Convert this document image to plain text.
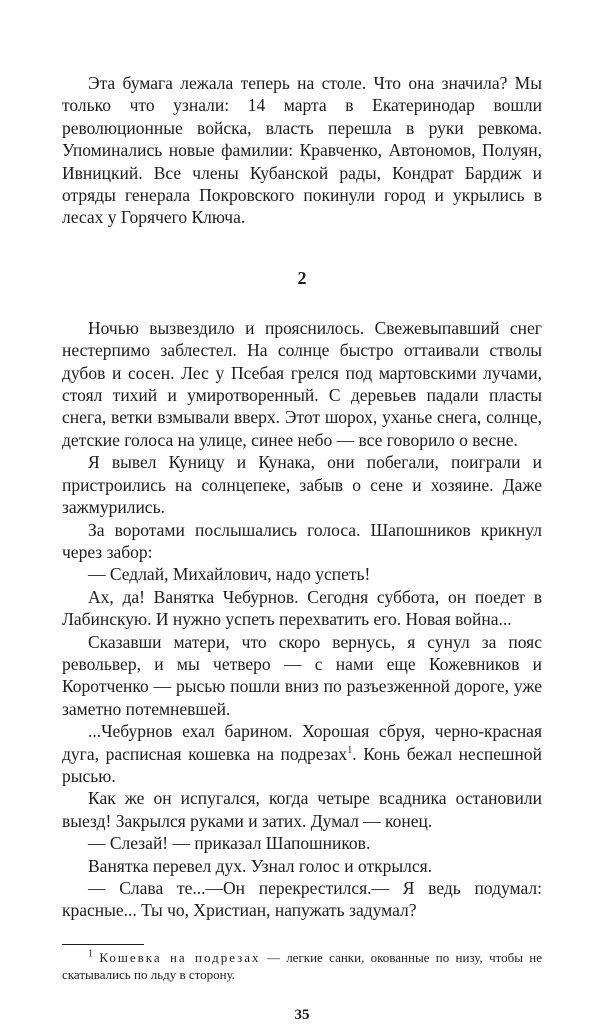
Эта бумага лежала теперь на столе. Что она значила? Мы только что узнали: 14 марта в Екатеринодар вошли революционные войска, власть перешла в руки ревкома. Упоминались новые фамилии: Кравченко, Автономов, Полуян, Ивницкий. Все члены Кубанской рады, Кондрат Бардиж и отряды генерала Покровского покинули город и укрылись в лесах у Горячего Ключа.

2

Ночью вызвездило и прояснилось. Свежевыпавший снег нестерпимо заблестел. На солнце быстро оттаивали стволы дубов и сосен. Лес у Псебая грелся под мартовскими лучами, стоял тихий и умиротворенный. С деревьев падали пласты снега, ветки взмывали вверх. Этот шорох, уханье снега, солнце, детские голоса на улице, синее небо — все говорило о весне.

Я вывел Куницу и Кунака, они побегали, поиграли и пристроились на солнцепеке, забыв о сене и хозяине. Даже зажмурились.

За воротами послышались голоса. Шапошников крикнул через забор:

— Седлай, Михайлович, надо успеть!

Ах, да! Ванятка Чебурнов. Сегодня суббота, он поедет в Лабинскую. И нужно успеть перехватить его. Новая война...

Сказавши матери, что скоро вернусь, я сунул за пояс револьвер, и мы четверо — с нами еще Кожевников и Коротченко — рысью пошли вниз по разъезженной дороге, уже заметно потемневшей.

...Чебурнов ехал барином. Хорошая сбруя, черно-красная дуга, расписная кошевка на подрезах$^1$. Конь бежал неспешной рысью.

Как же он испугался, когда четыре всадника остановили выезд! Закрылся руками и затих. Думал — конец.

— Слезай! — приказал Шапошников.

Ванятка перевел дух. Узнал голос и открылся.

— Слава те...—Он перекрестился.— Я ведь подумал: красные... Ты чо, Христиан, напужать задумал?

$^1$ Кошевка на подрезах — легкие санки, окованные по низу, чтобы не скатывались по льду в сторону.

35
